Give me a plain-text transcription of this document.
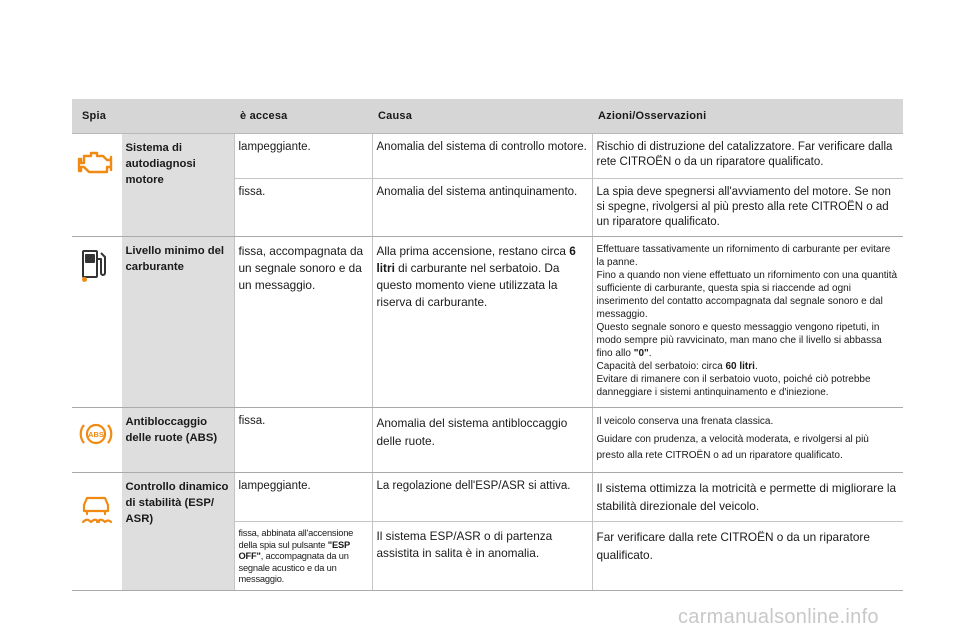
Spia		è accesa	Causa	Azioni/Osservazioni

	Sistema di autodiagnosi motore	lampeggiante.	Anomalia del sistema di controllo motore.	Rischio di distruzione del catalizzatore. Far verificare dalla rete CITROËN o da un riparatore qualificato.
		fissa.	Anomalia del sistema antinquinamento.	La spia deve spegnersi all'avviamento del motore. Se non si spegne, rivolgersi al più presto alla rete CITROËN o ad un riparatore qualificato.

	Livello minimo del carburante	fissa, accompagnata da un segnale sonoro e da un messaggio.	Alla prima accensione, restano circa 6 litri di carburante nel serbatoio. Da questo momento viene utilizzata la riserva di carburante.	Effettuare tassativamente un rifornimento di carburante per evitare la panne.
Fino a quando non viene effettuato un rifornimento con una quantità sufficiente di carburante, questa spia si riaccende ad ogni inserimento del contatto accompagnata dal segnale sonoro e dal messaggio.
Questo segnale sonoro e questo messaggio vengono ripetuti, in modo sempre più ravvicinato, man mano che il livello si abbassa fino allo "0".
Capacità del serbatoio: circa 60 litri.
Evitare di rimanere con il serbatoio vuoto, poiché ciò potrebbe danneggiare i sistemi antinquinamento e d'iniezione.

ABS	Antibloccaggio delle ruote (ABS)	fissa.	Anomalia del sistema antibloccaggio delle ruote.	Il veicolo conserva una frenata classica.
Guidare con prudenza, a velocità moderata, e rivolgersi al più presto alla rete CITROËN o ad un riparatore qualificato.

	Controllo dinamico di stabilità (ESP/ ASR)	lampeggiante.	La regolazione dell'ESP/ASR si attiva.	Il sistema ottimizza la motricità e permette di migliorare la stabilità direzionale del veicolo.
		fissa, abbinata all'accensione della spia sul pulsante "ESP OFF", accompagnata da un segnale acustico e da un messaggio.	Il sistema ESP/ASR o di partenza assistita in salita è in anomalia.	Far verificare dalla rete CITROËN o da un riparatore qualificato.
carmanualsonline.info
